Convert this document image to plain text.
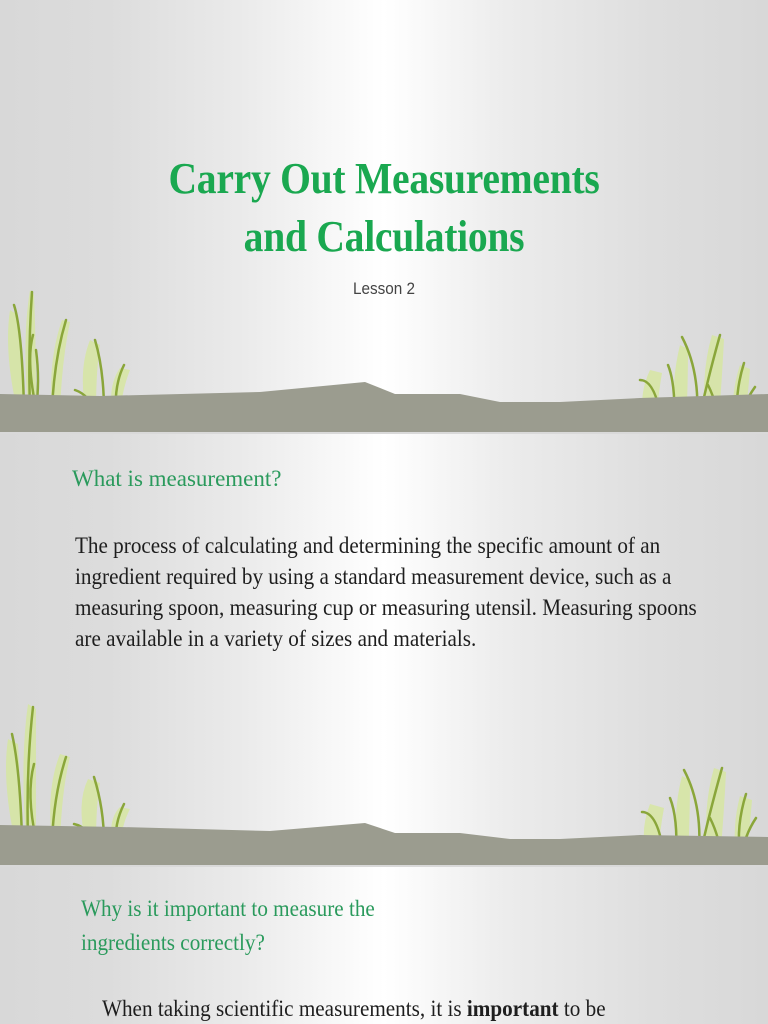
Carry Out Measurements
and Calculations
Lesson 2
What is measurement?
The process of calculating and determining the specific amount of an ingredient required by using a standard measurement device, such as a measuring spoon, measuring cup or measuring utensil. Measuring spoons are available in a variety of sizes and materials.
Why is it important to measure the
ingredients correctly?
When taking scientific measurements, it is important to be
